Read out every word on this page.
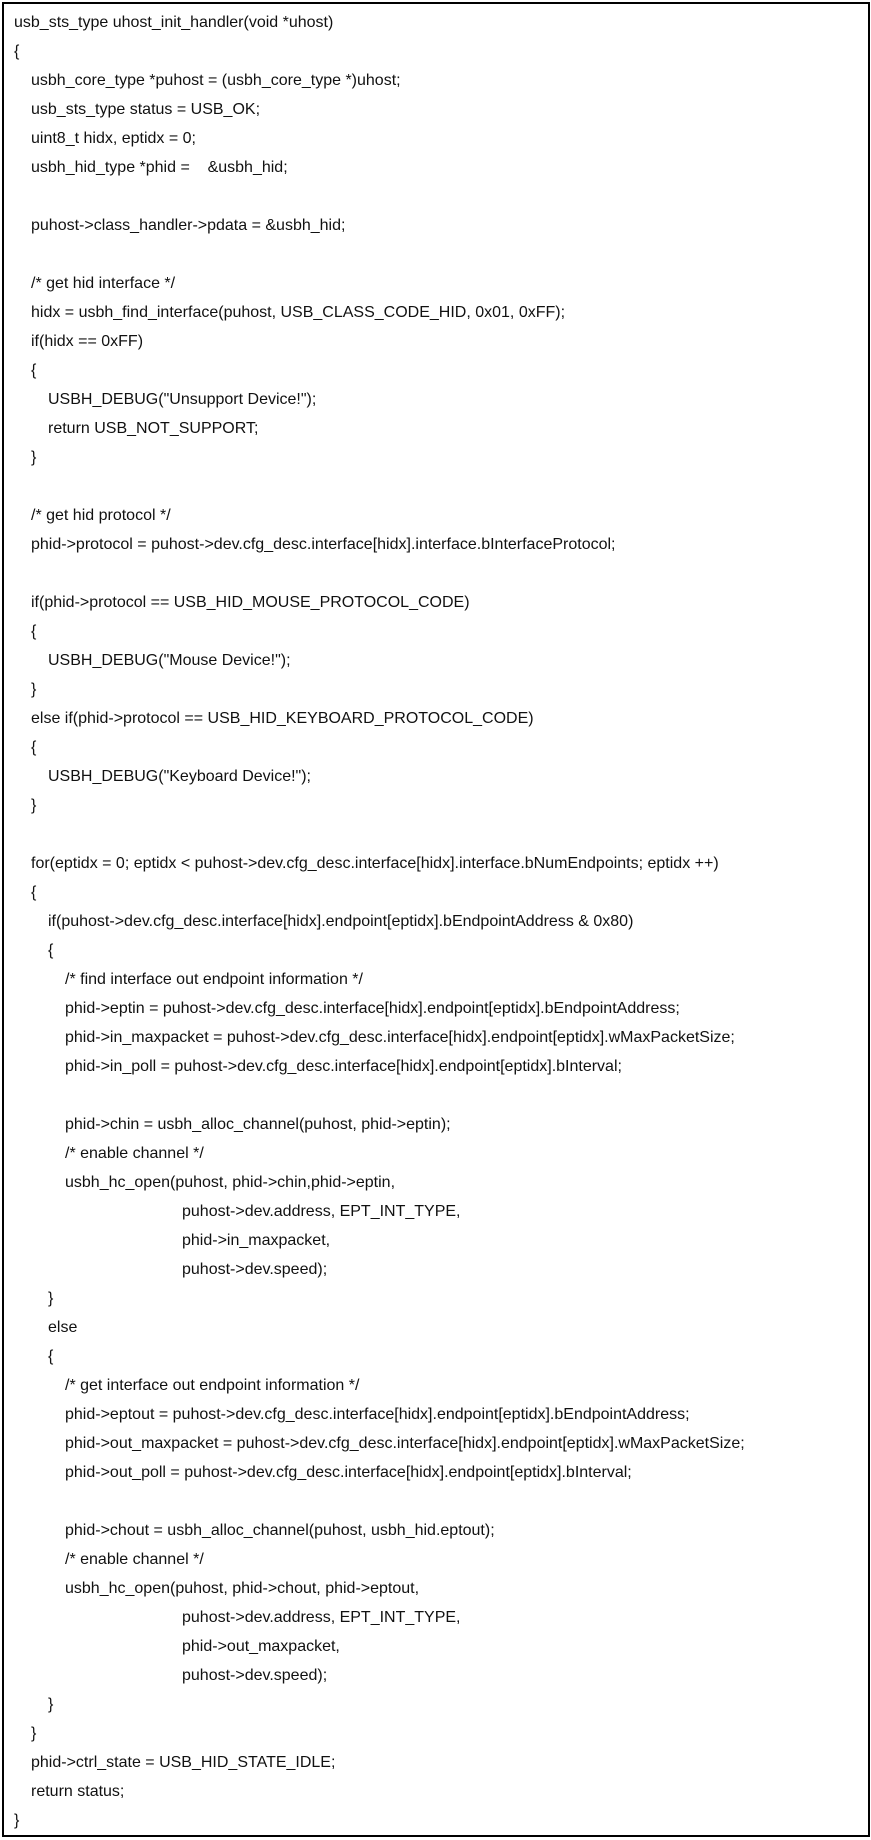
usb_sts_type uhost_init_handler(void *uhost)
{
usbh_core_type *puhost = (usbh_core_type *)uhost;
usb_sts_type status = USB_OK;
uint8_t hidx, eptidx = 0;
usbh_hid_type *phid =    &usbh_hid;
puhost->class_handler->pdata = &usbh_hid;
/* get hid interface */
hidx = usbh_find_interface(puhost, USB_CLASS_CODE_HID, 0x01, 0xFF);
if(hidx == 0xFF)
{
USBH_DEBUG("Unsupport Device!");
return USB_NOT_SUPPORT;
}
/* get hid protocol */
phid->protocol = puhost->dev.cfg_desc.interface[hidx].interface.bInterfaceProtocol;
if(phid->protocol == USB_HID_MOUSE_PROTOCOL_CODE)
{
USBH_DEBUG("Mouse Device!");
}
else if(phid->protocol == USB_HID_KEYBOARD_PROTOCOL_CODE)
{
USBH_DEBUG("Keyboard Device!");
}
for(eptidx = 0; eptidx < puhost->dev.cfg_desc.interface[hidx].interface.bNumEndpoints; eptidx ++)
{
if(puhost->dev.cfg_desc.interface[hidx].endpoint[eptidx].bEndpointAddress & 0x80)
{
/* find interface out endpoint information */
phid->eptin = puhost->dev.cfg_desc.interface[hidx].endpoint[eptidx].bEndpointAddress;
phid->in_maxpacket = puhost->dev.cfg_desc.interface[hidx].endpoint[eptidx].wMaxPacketSize;
phid->in_poll = puhost->dev.cfg_desc.interface[hidx].endpoint[eptidx].bInterval;
phid->chin = usbh_alloc_channel(puhost, phid->eptin);
/* enable channel */
usbh_hc_open(puhost, phid->chin,phid->eptin,
puhost->dev.address, EPT_INT_TYPE,
phid->in_maxpacket,
puhost->dev.speed);
}
else
{
/* get interface out endpoint information */
phid->eptout = puhost->dev.cfg_desc.interface[hidx].endpoint[eptidx].bEndpointAddress;
phid->out_maxpacket = puhost->dev.cfg_desc.interface[hidx].endpoint[eptidx].wMaxPacketSize;
phid->out_poll = puhost->dev.cfg_desc.interface[hidx].endpoint[eptidx].bInterval;
phid->chout = usbh_alloc_channel(puhost, usbh_hid.eptout);
/* enable channel */
usbh_hc_open(puhost, phid->chout, phid->eptout,
puhost->dev.address, EPT_INT_TYPE,
phid->out_maxpacket,
puhost->dev.speed);
}
}
phid->ctrl_state = USB_HID_STATE_IDLE;
return status;
}
